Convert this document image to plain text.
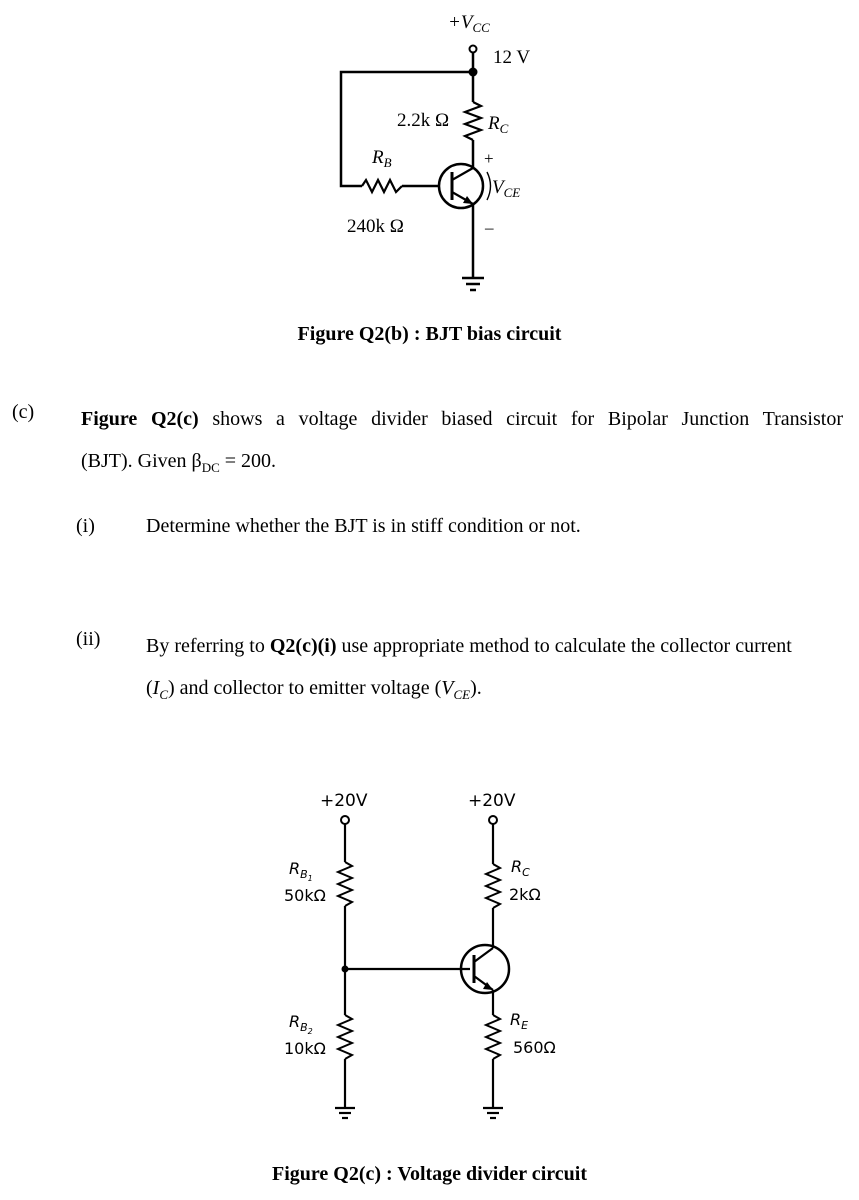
$+V_{CC}$
12 V
2.2k Ω $R_C$
$R_B$
240k Ω
+
$V_{CE}$
–
Figure Q2(b) : BJT bias circuit
(c) Figure Q2(c) shows a voltage divider biased circuit for Bipolar Junction Transistor
(BJT). Given $\beta_{DC} = 200$.
(i)	Determine whether the BJT is in stiff condition or not.
(ii) By referring to Q2(c)(i) use appropriate method to calculate the collector current
$(I_C)$ and collector to emitter voltage $(V_{CE})$.
+20V
$R_B1$
50kΩ
$R_B2$
10kΩ
+20V
$R_C$
2kΩ
$R_E$
560Ω
Figure Q2(c) : Voltage divider circuit
